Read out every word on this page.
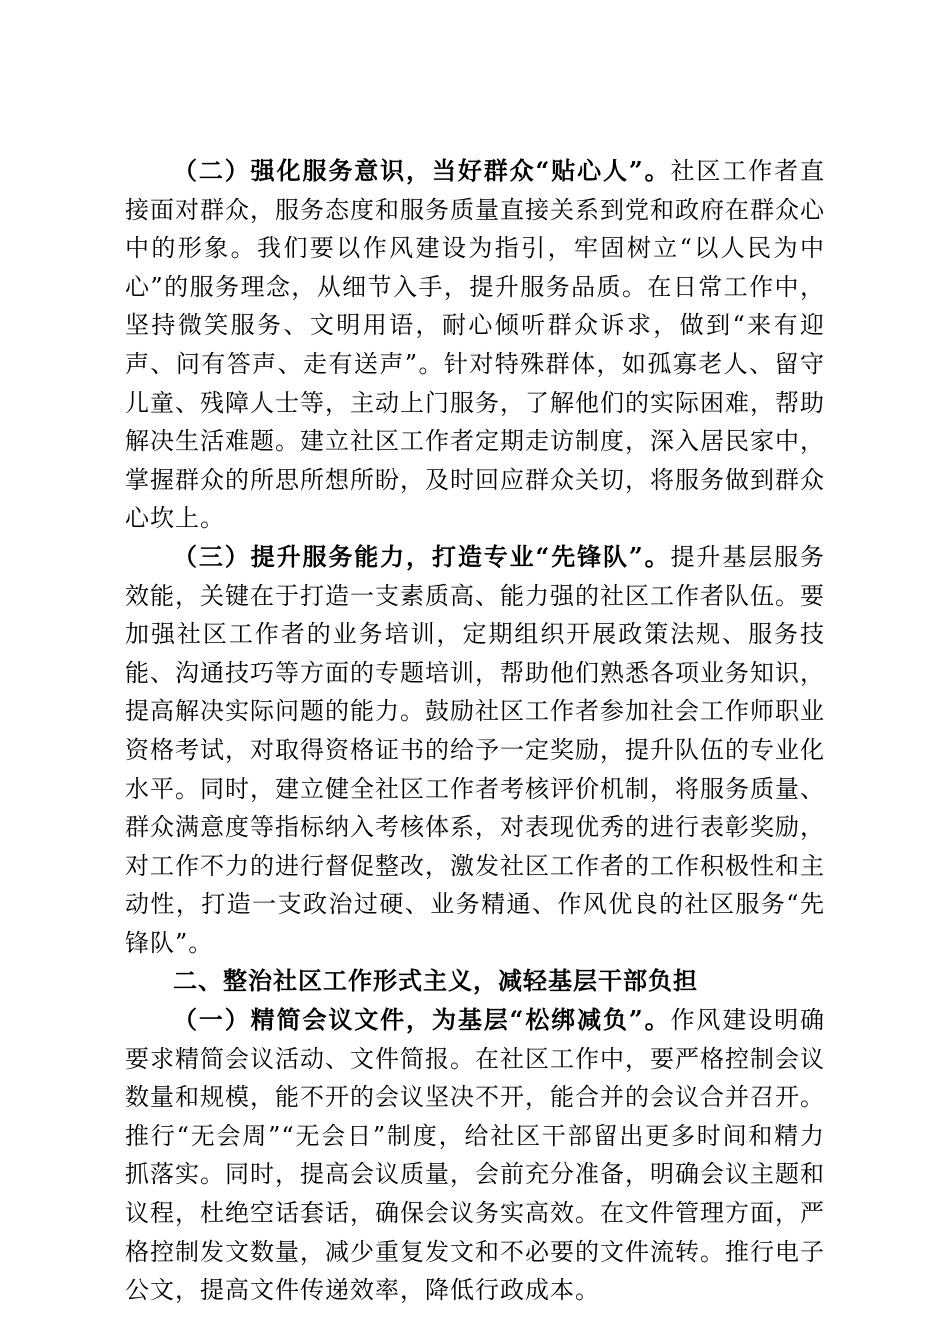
（二）强化服务意识，当好群众“贴心人”。社区工作者直接面对群众，服务态度和服务质量直接关系到党和政府在群众心中的形象。我们要以作风建设为指引，牢固树立“以人民为中心”的服务理念，从细节入手，提升服务品质。在日常工作中，坚持微笑服务、文明用语，耐心倾听群众诉求，做到“来有迎声、问有答声、走有送声”。针对特殊群体，如孤寡老人、留守儿童、残障人士等，主动上门服务，了解他们的实际困难，帮助解决生活难题。建立社区工作者定期走访制度，深入居民家中，掌握群众的所思所想所盼，及时回应群众关切，将服务做到群众心坎上。

（三）提升服务能力，打造专业“先锋队”。提升基层服务效能，关键在于打造一支素质高、能力强的社区工作者队伍。要加强社区工作者的业务培训，定期组织开展政策法规、服务技能、沟通技巧等方面的专题培训，帮助他们熟悉各项业务知识，提高解决实际问题的能力。鼓励社区工作者参加社会工作师职业资格考试，对取得资格证书的给予一定奖励，提升队伍的专业化水平。同时，建立健全社区工作者考核评价机制，将服务质量、群众满意度等指标纳入考核体系，对表现优秀的进行表彰奖励，对工作不力的进行督促整改，激发社区工作者的工作积极性和主动性，打造一支政治过硬、业务精通、作风优良的社区服务“先锋队”。

二、整治社区工作形式主义，减轻基层干部负担

（一）精简会议文件，为基层“松绑减负”。作风建设明确要求精简会议活动、文件简报。在社区工作中，要严格控制会议数量和规模，能不开的会议坚决不开，能合并的会议合并召开。推行“无会周”“无会日”制度，给社区干部留出更多时间和精力抓落实。同时，提高会议质量，会前充分准备，明确会议主题和议程，杜绝空话套话，确保会议务实高效。在文件管理方面，严格控制发文数量，减少重复发文和不必要的文件流转。推行电子公文，提高文件传递效率，降低行政成本。
